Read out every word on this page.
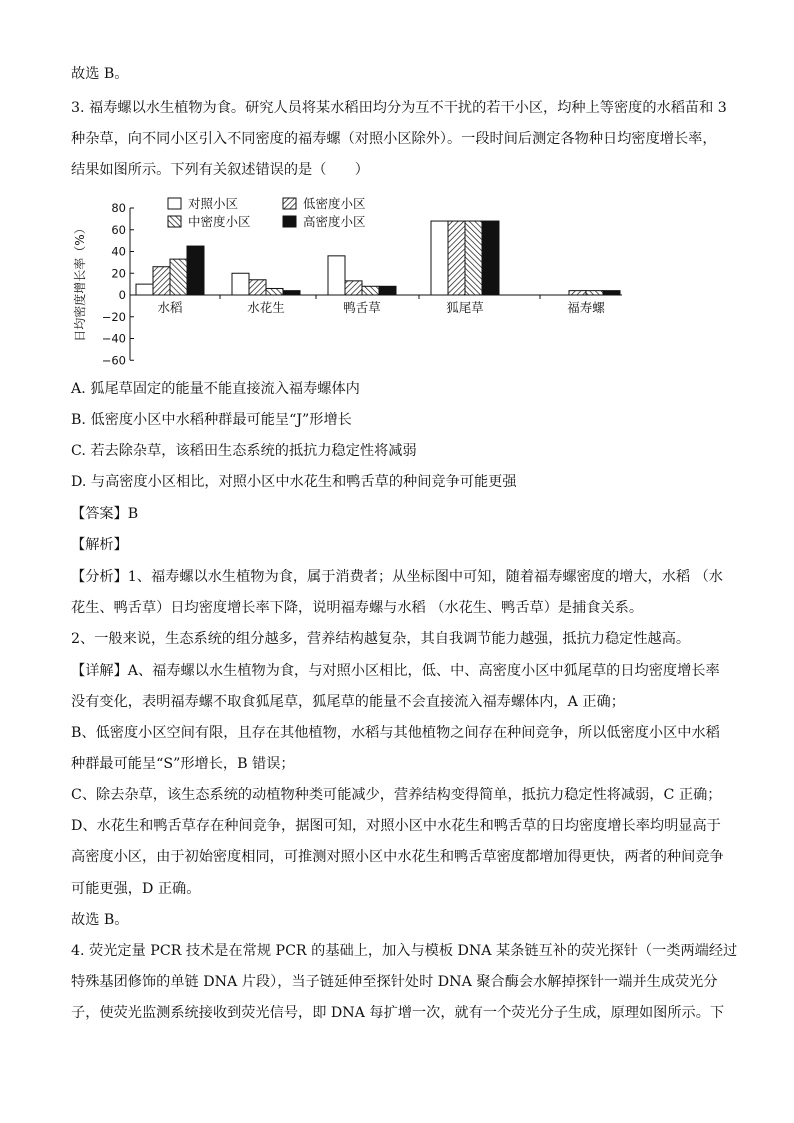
故选 B。
3. 福寿螺以水生植物为食。研究人员将某水稻田均分为互不干扰的若干小区，均种上等密度的水稻苗和 3
种杂草，向不同小区引入不同密度的福寿螺（对照小区除外）。一段时间后测定各物种日均密度增长率，
结果如图所示。下列有关叙述错误的是（　　）
日均密度增长率（%）
80
60
40
20
0
−20
−40
−60
水稻	水花生	鸭舌草	狐尾草	福寿螺
对照小区	低密度小区
中密度小区	高密度小区
A. 狐尾草固定的能量不能直接流入福寿螺体内
B. 低密度小区中水稻种群最可能呈“J”形增长
C. 若去除杂草，该稻田生态系统的抵抗力稳定性将减弱
D. 与高密度小区相比，对照小区中水花生和鸭舌草的种间竞争可能更强
【答案】B
【解析】
【分析】1、福寿螺以水生植物为食，属于消费者；从坐标图中可知，随着福寿螺密度的增大，水稻 （水
花生、鸭舌草）日均密度增长率下降，说明福寿螺与水稻 （水花生、鸭舌草）是捕食关系。
2、一般来说，生态系统的组分越多，营养结构越复杂，其自我调节能力越强，抵抗力稳定性越高。
【详解】A、福寿螺以水生植物为食，与对照小区相比，低、中、高密度小区中狐尾草的日均密度增长率
没有变化，表明福寿螺不取食狐尾草，狐尾草的能量不会直接流入福寿螺体内，A 正确；
B、低密度小区空间有限，且存在其他植物，水稻与其他植物之间存在种间竞争，所以低密度小区中水稻
种群最可能呈“S”形增长，B 错误；
C、除去杂草，该生态系统的动植物种类可能减少，营养结构变得简单，抵抗力稳定性将减弱，C 正确；
D、水花生和鸭舌草存在种间竞争，据图可知，对照小区中水花生和鸭舌草的日均密度增长率均明显高于
高密度小区，由于初始密度相同，可推测对照小区中水花生和鸭舌草密度都增加得更快，两者的种间竞争
可能更强，D 正确。
故选 B。
4. 荧光定量 PCR 技术是在常规 PCR 的基础上，加入与模板 DNA 某条链互补的荧光探针（一类两端经过
特殊基团修饰的单链 DNA 片段），当子链延伸至探针处时 DNA 聚合酶会水解掉探针一端并生成荧光分
子，使荧光监测系统接收到荧光信号，即 DNA 每扩增一次，就有一个荧光分子生成，原理如图所示。下
